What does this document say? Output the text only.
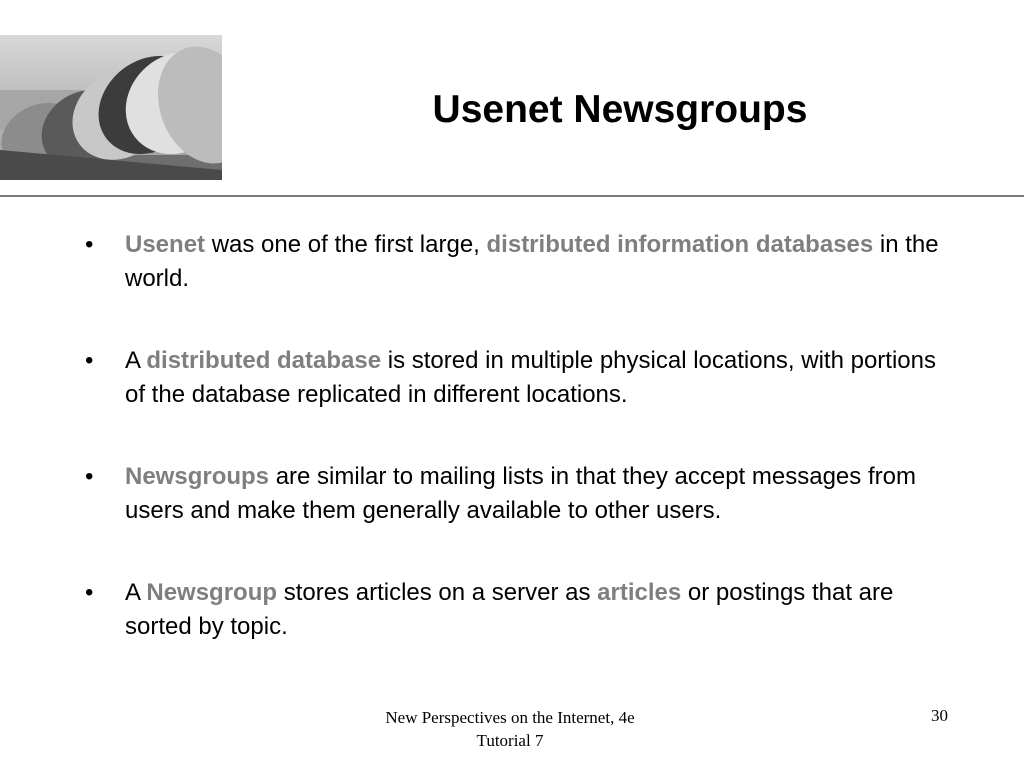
Usenet Newsgroups
• Usenet was one of the first large, distributed information databases in the world.
• A distributed database is stored in multiple physical locations, with portions of the database replicated in different locations.
• Newsgroups are similar to mailing lists in that they accept messages from users and make them generally available to other users.
• A Newsgroup stores articles on a server as articles or postings that are sorted by topic.
New Perspectives on the Internet, 4e
Tutorial 7
30
